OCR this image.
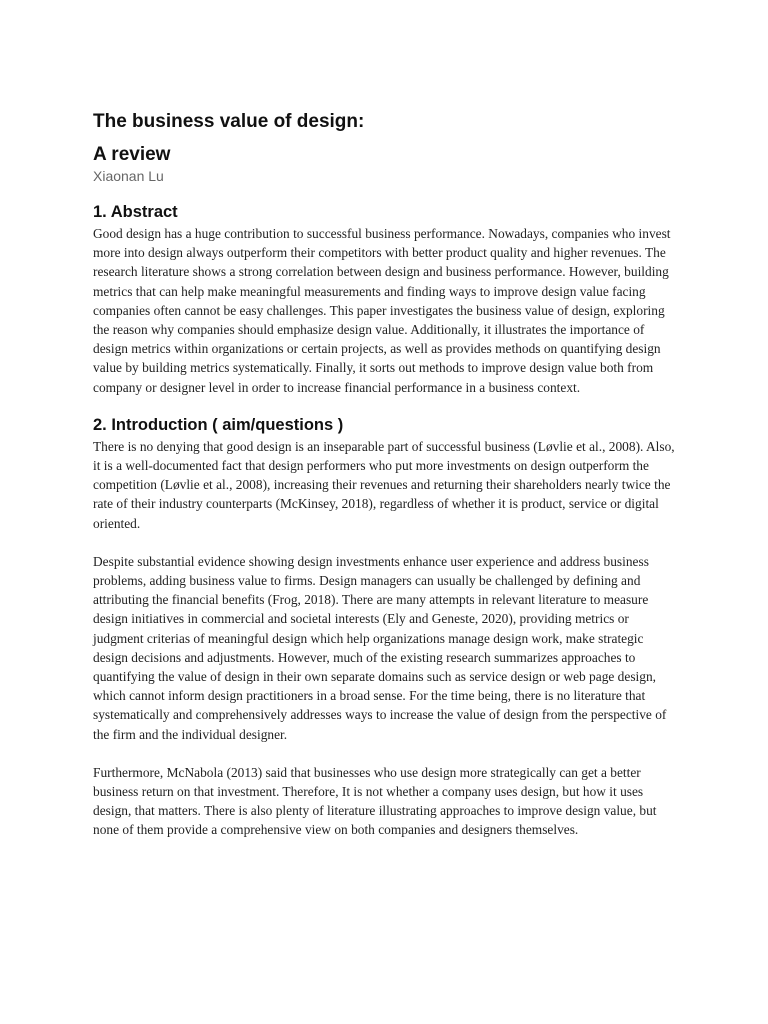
The business value of design:
A review
Xiaonan Lu
1. Abstract

Good design has a huge contribution to successful business performance. Nowadays, companies who invest more into design always outperform their competitors with better product quality and higher revenues. The research literature shows a strong correlation between design and business performance. However, building metrics that can help make meaningful measurements and finding ways to improve design value facing companies often cannot be easy challenges. This paper investigates the business value of design, exploring the reason why companies should emphasize design value. Additionally, it illustrates the importance of design metrics within organizations or certain projects, as well as provides methods on quantifying design value by building metrics systematically. Finally, it sorts out methods to improve design value both from company or designer level in order to increase financial performance in a business context.

2. Introduction ( aim/questions )

There is no denying that good design is an inseparable part of successful business (Løvlie et al., 2008). Also, it is a well-documented fact that design performers who put more investments on design outperform the competition (Løvlie et al., 2008), increasing their revenues and returning their shareholders nearly twice the rate of their industry counterparts (McKinsey, 2018), regardless of whether it is product, service or digital oriented.

Despite substantial evidence showing design investments enhance user experience and address business problems, adding business value to firms. Design managers can usually be challenged by defining and attributing the financial benefits (Frog, 2018). There are many attempts in relevant literature to measure design initiatives in commercial and societal interests (Ely and Geneste, 2020), providing metrics or judgment criterias of meaningful design which help organizations manage design work, make strategic design decisions and adjustments. However, much of the existing research summarizes approaches to quantifying the value of design in their own separate domains such as service design or web page design, which cannot inform design practitioners in a broad sense. For the time being, there is no literature that systematically and comprehensively addresses ways to increase the value of design from the perspective of the firm and the individual designer.

Furthermore, McNabola (2013) said that businesses who use design more strategically can get a better business return on that investment. Therefore, It is not whether a company uses design, but how it uses design, that matters. There is also plenty of literature illustrating approaches to improve design value, but none of them provide a comprehensive view on both companies and designers themselves.
